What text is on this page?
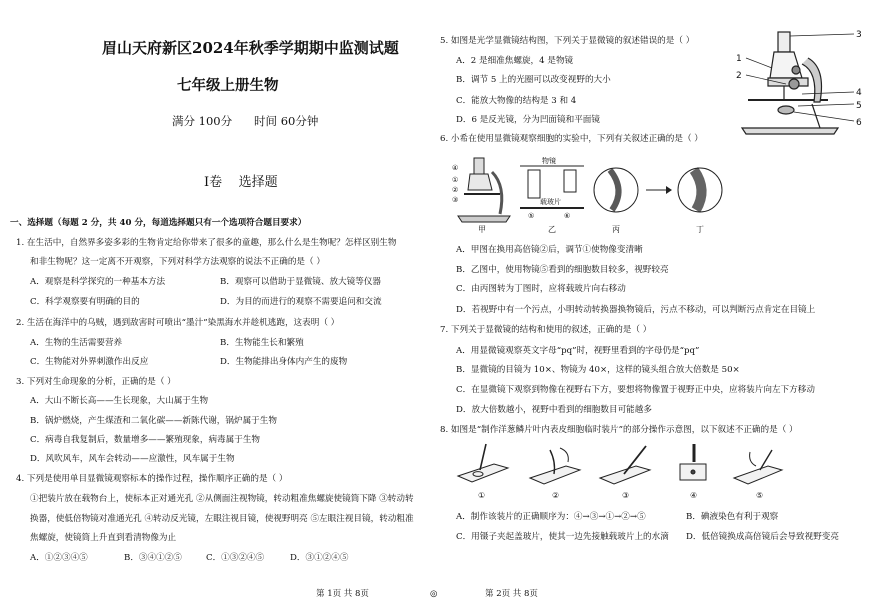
眉山天府新区2024年秋季学期期中监测试题
七年级上册生物
满分 100分      时间 60分钟
Ⅰ卷    选择题
一、选择题（每题 2 分，共 40 分，每道选择题只有一个选项符合题目要求）
1. 在生活中，自然界多姿多彩的生物肯定给你带来了很多的童趣，那么什么是生物呢？怎样区别生物
和非生物呢？这一定离不开观察，下列对科学方法观察的说法不正确的是（ ）
A．观察是科学探究的一种基本方法	B．观察可以借助于显微镜、放大镜等仪器
C．科学观察要有明确的目的	D．为目的而进行的观察不需要追问和交流
2. 生活在海洋中的乌贼，遇到敌害时可喷出“墨汁”染黑海水并趁机逃跑，这表明（ ）
A．生物的生活需要营养	B．生物能生长和繁殖
C．生物能对外界刺激作出反应	D．生物能排出身体内产生的废物
3. 下列对生命现象的分析，正确的是（ ）
A．大山不断长高——生长现象，大山属于生物
B．锅炉燃烧，产生煤渣和二氧化碳——新陈代谢，锅炉属于生物
C．病毒自我复制后，数量增多——繁殖现象，病毒属于生物
D．风吹风车，风车会转动——应激性，风车属于生物
4. 下列是使用单目显微镜观察标本的操作过程，操作顺序正确的是（ ）
①把装片放在载物台上，使标本正对通光孔 ②从侧面注视物镜，转动粗准焦螺旋使镜筒下降 ③转动转
换器，使低倍物镜对准通光孔 ④转动反光镜，左眼注视目镜，使视野明亮 ⑤左眼注视目镜，转动粗准
焦螺旋，使镜筒上升直到看清物像为止
A．①②③④⑤	B．③④①②⑤	C．①③②④⑤	D．③①②④⑤
5. 如图是光学显微镜结构图，下列关于显微镜的叙述错误的是（ ）
A．2 是细准焦螺旋，4 是物镜
B．调节 5 上的光圈可以改变视野的大小
C．能放大物像的结构是 3 和 4
D．6 是反光镜，分为凹面镜和平面镜
1
2
3
4
5
6
6. 小希在使用显微镜观察细胞的实验中，下列有关叙述正确的是（ ）
④
①
②
③
物镜
载玻片
⑤	⑥
甲	乙	丙	丁
A．甲图在换用高倍镜②后，调节①使物像变清晰
B．乙图中，使用物镜⑤看到的细胞数目较多，视野较亮
C．由丙图转为丁图时，应将载玻片向右移动
D．若视野中有一个污点，小明转动转换器换物镜后，污点不移动，可以判断污点肯定在目镜上
7. 下列关于显微镜的结构和使用的叙述，正确的是（ ）
A．用显微镜观察英文字母“pq”时，视野里看到的字母仍是“pq”
B．显微镜的目镜为 10×、物镜为 40×，这样的镜头组合放大倍数是 50×
C．在显微镜下观察到物像在视野右下方，要想将物像置于视野正中央，应将装片向左下方移动
D．放大倍数越小，视野中看到的细胞数目可能越多
8. 如图是“制作洋葱鳞片叶内表皮细胞临时装片”的部分操作示意图，以下叙述不正确的是（ ）
①	②	③	④	⑤
A．制作该装片的正确顺序为：④→③→①→②→⑤	B．碘液染色有利于观察
C．用镊子夹起盖玻片，使其一边先接触载玻片上的水滴 D．低倍镜换成高倍镜后会导致视野变亮
第 1页 共 8页	◎	第 2页 共 8页
